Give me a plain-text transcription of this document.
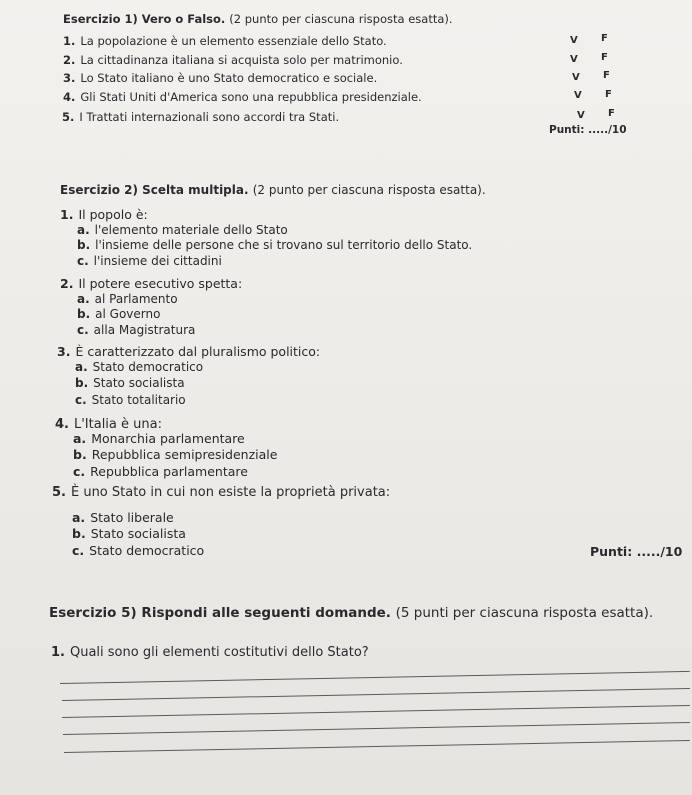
Esercizio 1) Vero o Falso. (2 punto per ciascuna risposta esatta).
1. La popolazione è un elemento essenziale dello Stato.	V F
2. La cittadinanza italiana si acquista solo per matrimonio.	V F
3. Lo Stato italiano è uno Stato democratico e sociale.	V F
4. Gli Stati Uniti d'America sono una repubblica presidenziale.	V F
5. I Trattati internazionali sono accordi tra Stati.	V F
Punti: ...../10
Esercizio 2) Scelta multipla. (2 punto per ciascuna risposta esatta).
1. Il popolo è:
a. l'elemento materiale dello Stato
b. l'insieme delle persone che si trovano sul territorio dello Stato.
c. l'insieme dei cittadini
2. Il potere esecutivo spetta:
a. al Parlamento
b. al Governo
c. alla Magistratura
3. È caratterizzato dal pluralismo politico:
a. Stato democratico
b. Stato socialista
c. Stato totalitario
4. L'Italia è una:
a. Monarchia parlamentare
b. Repubblica semipresidenziale
c. Repubblica parlamentare
5. È uno Stato in cui non esiste la proprietà privata:
a. Stato liberale
b. Stato socialista
c. Stato democratico	Punti: ...../10
Esercizio 5) Rispondi alle seguenti domande. (5 punti per ciascuna risposta esatta).
1. Quali sono gli elementi costitutivi dello Stato?
